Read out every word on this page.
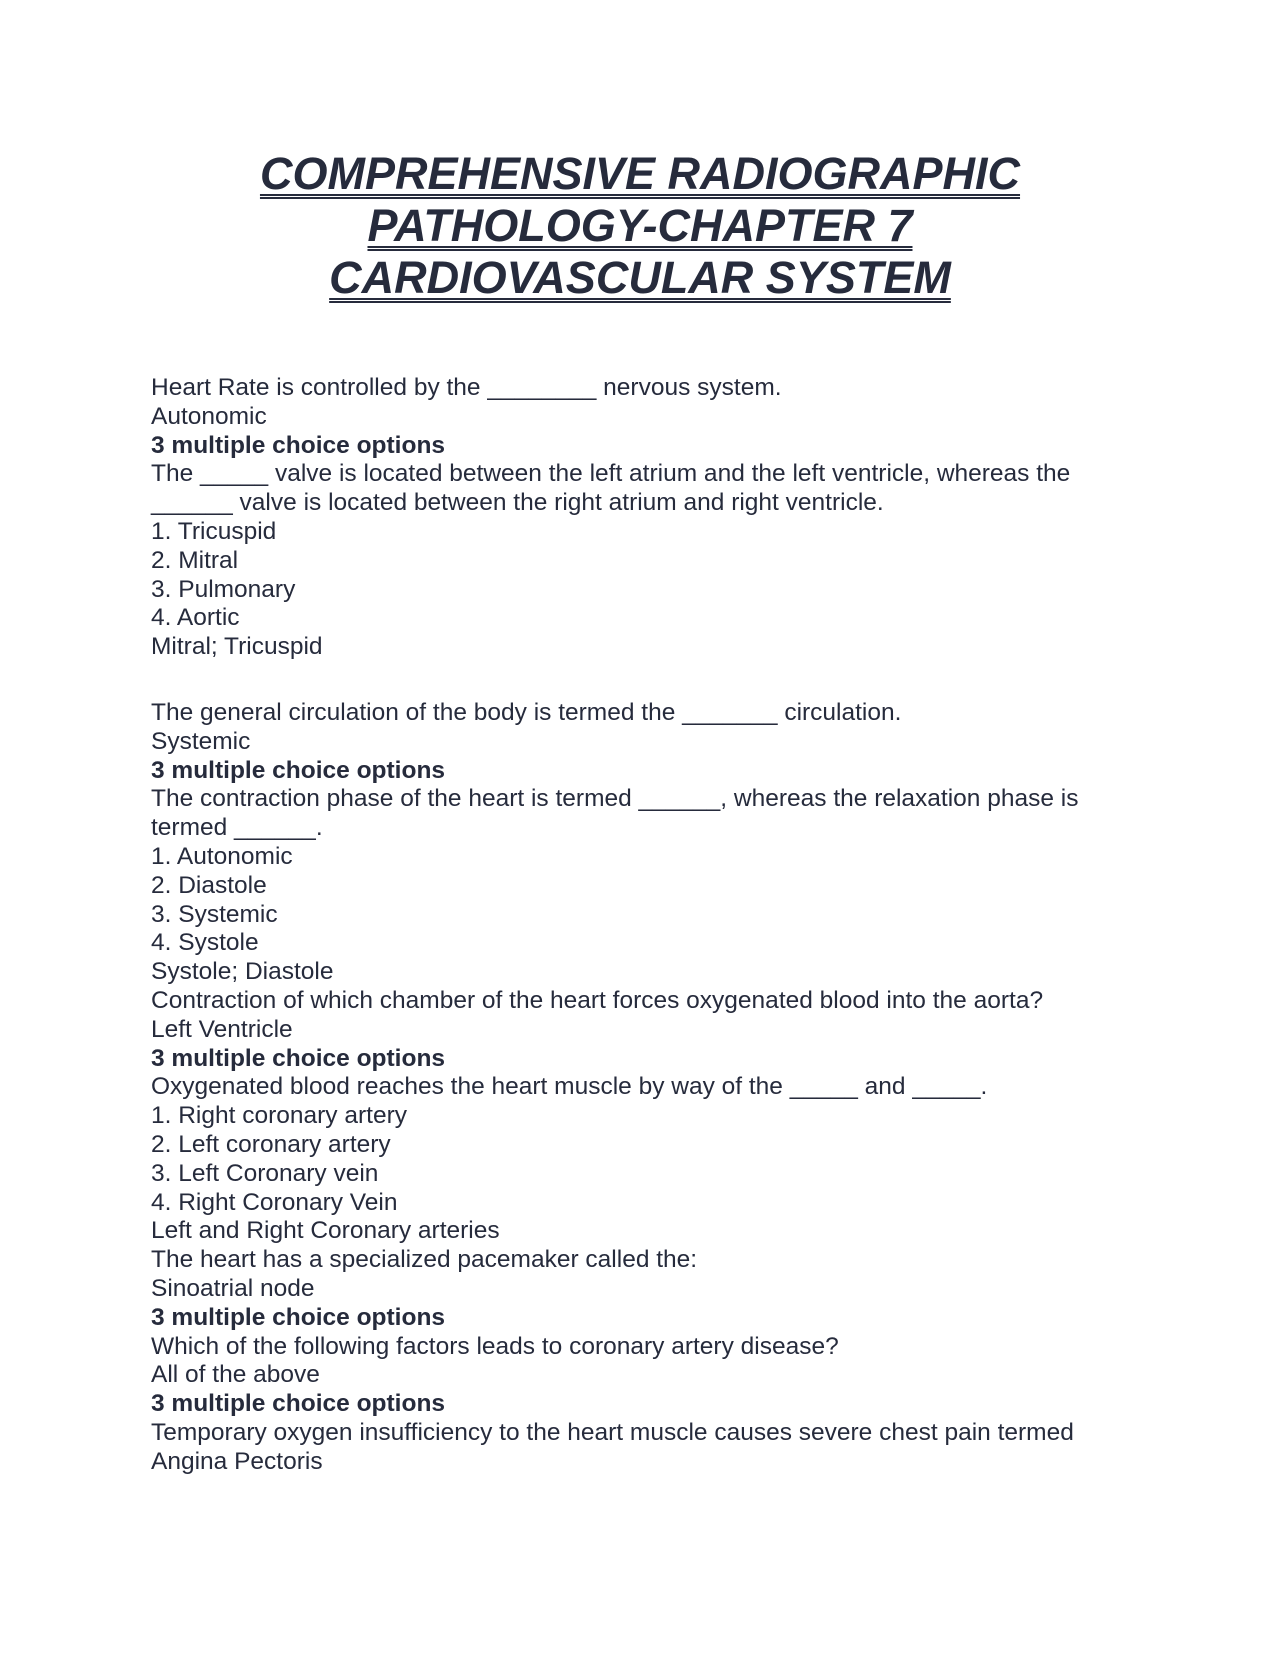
COMPREHENSIVE RADIOGRAPHIC
PATHOLOGY-CHAPTER 7
CARDIOVASCULAR SYSTEM
Heart Rate is controlled by the ________ nervous system.
Autonomic
3 multiple choice options
The _____ valve is located between the left atrium and the left ventricle, whereas the ______ valve is located between the right atrium and right ventricle.
1. Tricuspid
2. Mitral
3. Pulmonary
4. Aortic
Mitral; Tricuspid
The general circulation of the body is termed the _______ circulation.
Systemic
3 multiple choice options
The contraction phase of the heart is termed ______, whereas the relaxation phase is termed ______.
1. Autonomic
2. Diastole
3. Systemic
4. Systole
Systole; Diastole
Contraction of which chamber of the heart forces oxygenated blood into the aorta?
Left Ventricle
3 multiple choice options
Oxygenated blood reaches the heart muscle by way of the _____ and _____.
1. Right coronary artery
2. Left coronary artery
3. Left Coronary vein
4. Right Coronary Vein
Left and Right Coronary arteries
The heart has a specialized pacemaker called the:
Sinoatrial node
3 multiple choice options
Which of the following factors leads to coronary artery disease?
All of the above
3 multiple choice options
Temporary oxygen insufficiency to the heart muscle causes severe chest pain termed
Angina Pectoris
